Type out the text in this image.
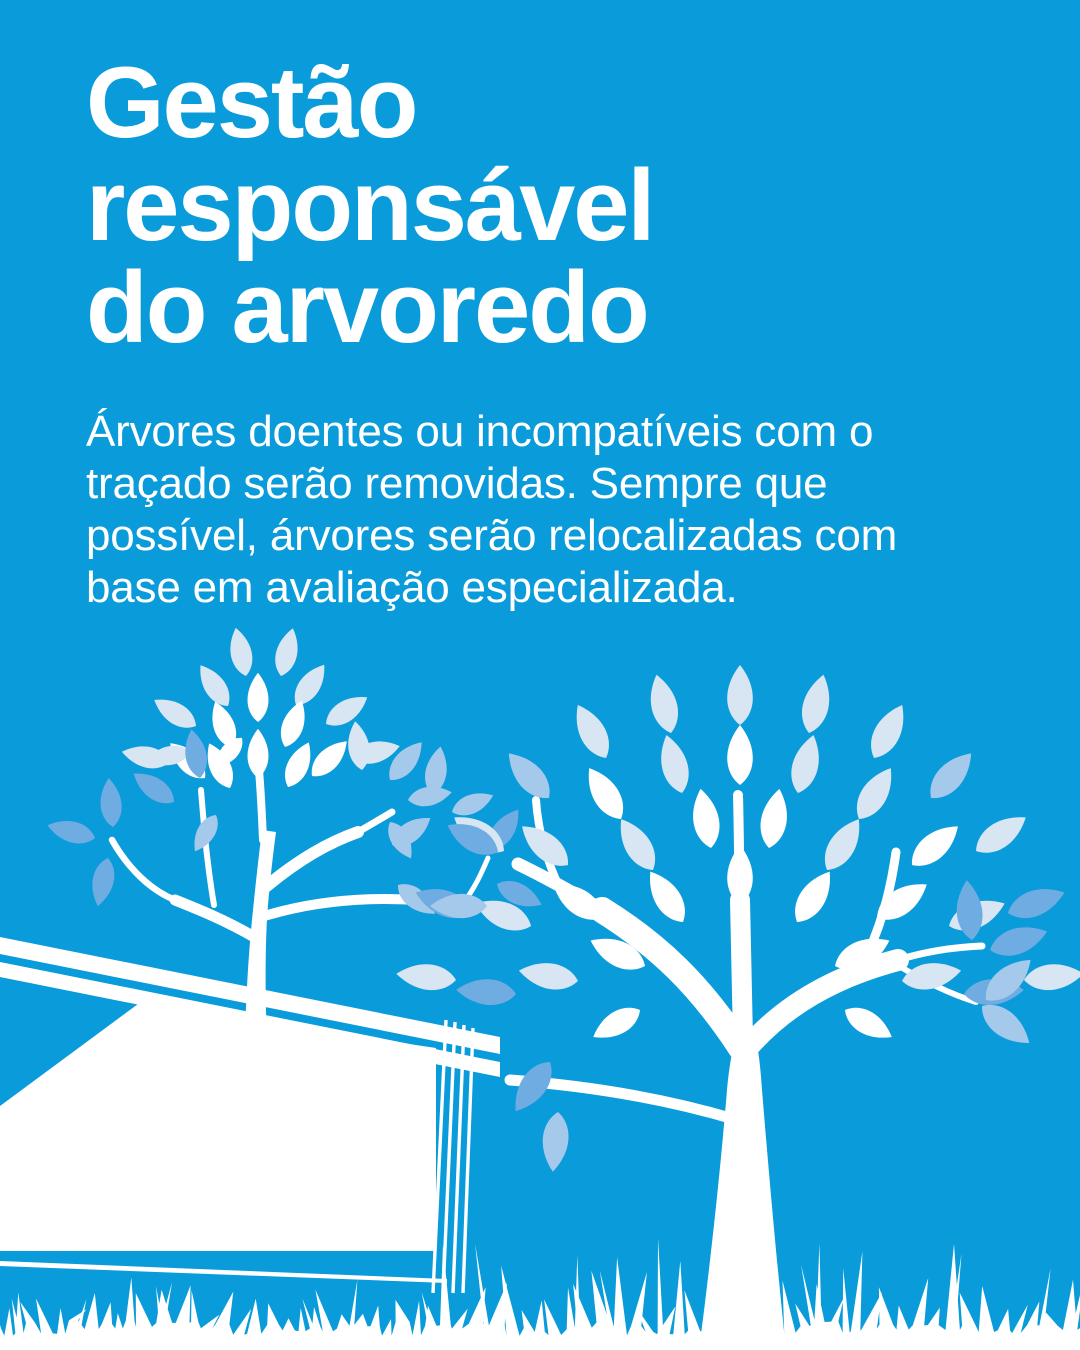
Gestão
responsável
do arvoredo

Árvores doentes ou incompatíveis com o
traçado serão removidas. Sempre que
possível, árvores serão relocalizadas com
base em avaliação especializada.
